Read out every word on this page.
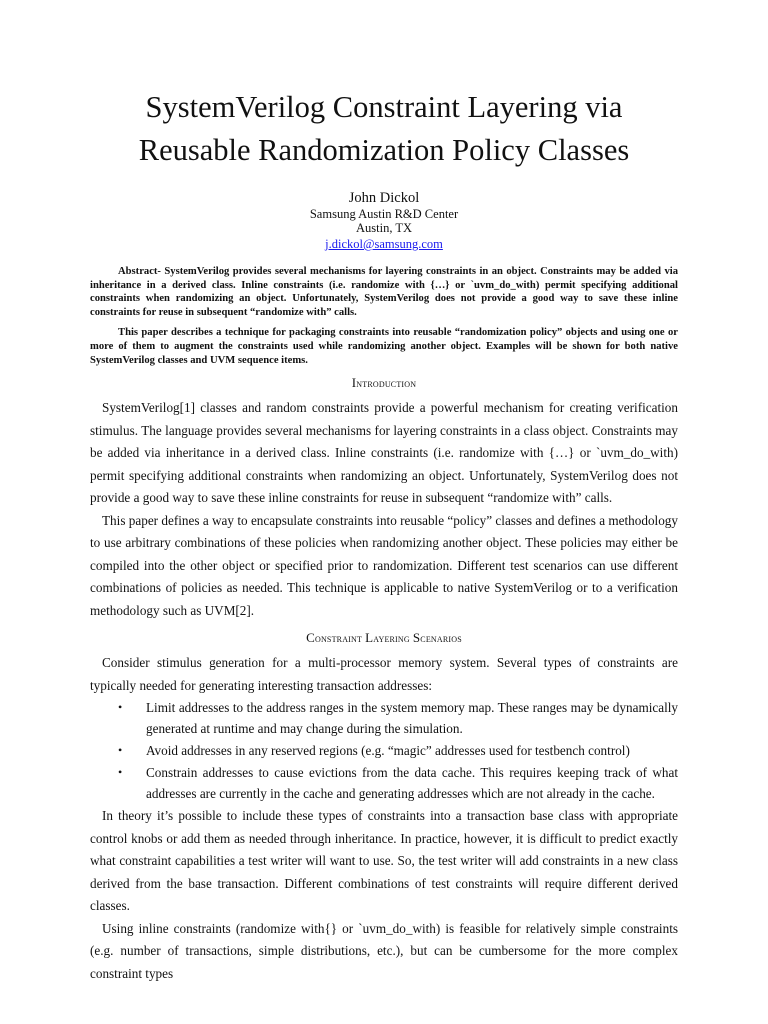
SystemVerilog Constraint Layering via
Reusable Randomization Policy Classes
John Dickol
Samsung Austin R&D Center
Austin, TX
j.dickol@samsung.com

Abstract- SystemVerilog provides several mechanisms for layering constraints in an object. Constraints may be added via inheritance in a derived class. Inline constraints (i.e. randomize with {…} or `uvm_do_with) permit specifying additional constraints when randomizing an object. Unfortunately, SystemVerilog does not provide a good way to save these inline constraints for reuse in subsequent “randomize with” calls.

This paper describes a technique for packaging constraints into reusable “randomization policy” objects and using one or more of them to augment the constraints used while randomizing another object. Examples will be shown for both native SystemVerilog classes and UVM sequence items.

Introduction

SystemVerilog[1] classes and random constraints provide a powerful mechanism for creating verification stimulus. The language provides several mechanisms for layering constraints in a class object. Constraints may be added via inheritance in a derived class. Inline constraints (i.e. randomize with {…} or `uvm_do_with) permit specifying additional constraints when randomizing an object. Unfortunately, SystemVerilog does not provide a good way to save these inline constraints for reuse in subsequent “randomize with” calls.

This paper defines a way to encapsulate constraints into reusable “policy” classes and defines a methodology to use arbitrary combinations of these policies when randomizing another object. These policies may either be compiled into the other object or specified prior to randomization. Different test scenarios can use different combinations of policies as needed. This technique is applicable to native SystemVerilog or to a verification methodology such as UVM[2].

Constraint Layering Scenarios

Consider stimulus generation for a multi-processor memory system. Several types of constraints are typically needed for generating interesting transaction addresses:

• Limit addresses to the address ranges in the system memory map. These ranges may be dynamically generated at runtime and may change during the simulation.
• Avoid addresses in any reserved regions (e.g. “magic” addresses used for testbench control)
• Constrain addresses to cause evictions from the data cache. This requires keeping track of what addresses are currently in the cache and generating addresses which are not already in the cache.

In theory it’s possible to include these types of constraints into a transaction base class with appropriate control knobs or add them as needed through inheritance. In practice, however, it is difficult to predict exactly what constraint capabilities a test writer will want to use. So, the test writer will add constraints in a new class derived from the base transaction. Different combinations of test constraints will require different derived classes.

Using inline constraints (randomize with{} or `uvm_do_with) is feasible for relatively simple constraints (e.g. number of transactions, simple distributions, etc.), but can be cumbersome for the more complex constraint types
